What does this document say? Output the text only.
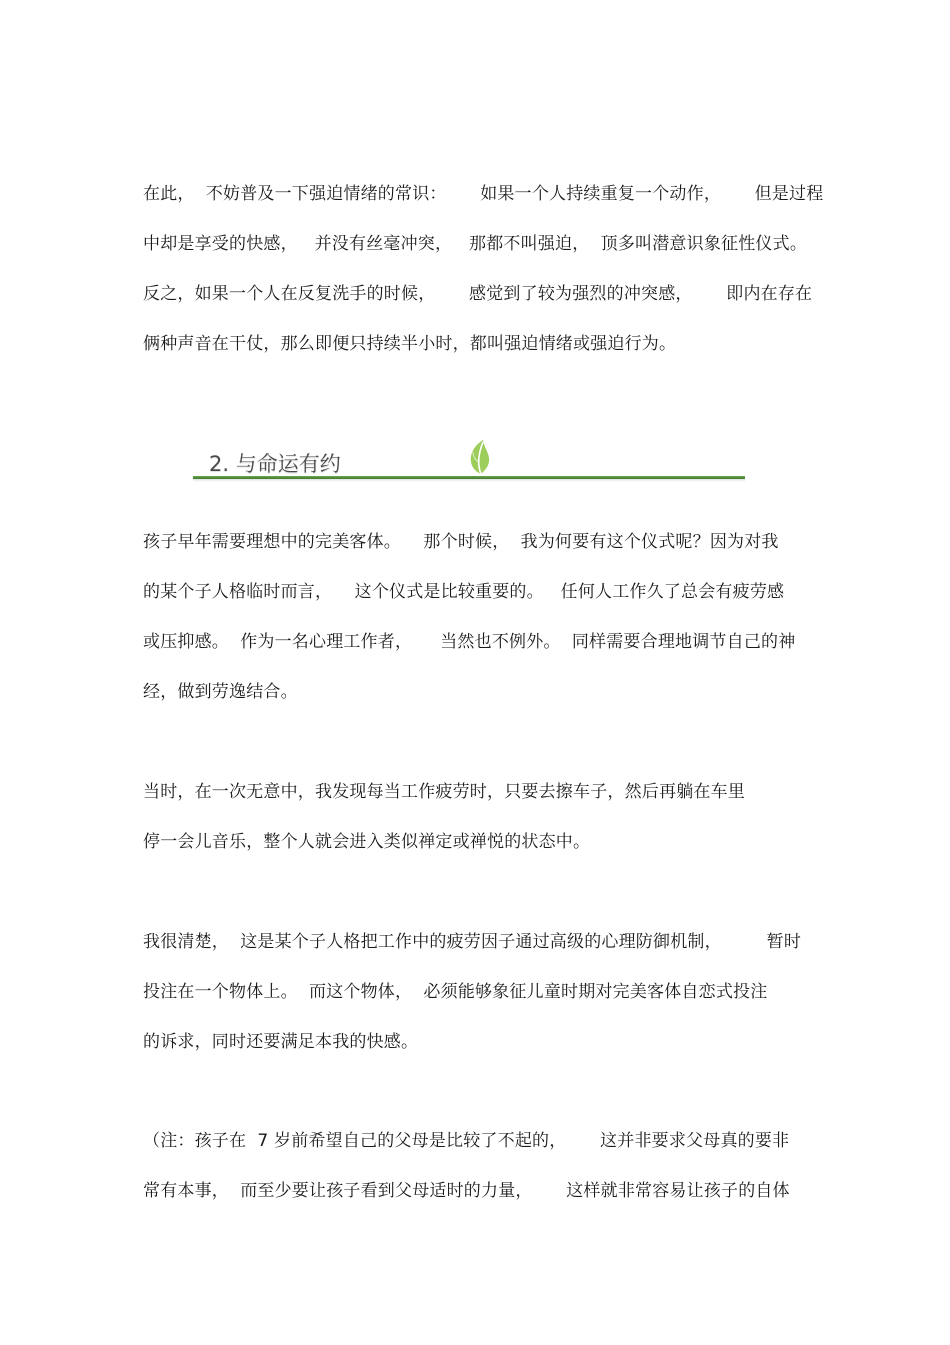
在此，  不妨普及一下强迫情绪的常识：      如果一个人持续重复一个动作，      但是过程
中却是享受的快感，   并没有丝毫冲突，   那都不叫强迫，  顶多叫潜意识象征性仪式。
反之，如果一个人在反复洗手的时候，      感觉到了较为强烈的冲突感，      即内在存在
俩种声音在干仗，那么即便只持续半小时，都叫强迫情绪或强迫行为。
2. 与命运有约
孩子早年需要理想中的完美客体。    那个时候，  我为何要有这个仪式呢？因为对我
的某个子人格临时而言，    这个仪式是比较重要的。   任何人工作久了总会有疲劳感
或压抑感。  作为一名心理工作者，     当然也不例外。  同样需要合理地调节自己的神
经，做到劳逸结合。
当时，在一次无意中，我发现每当工作疲劳时，只要去擦车子，然后再躺在车里
停一会儿音乐，整个人就会进入类似禅定或禅悦的状态中。
我很清楚，  这是某个子人格把工作中的疲劳因子通过高级的心理防御机制，        暂时
投注在一个物体上。  而这个物体，  必须能够象征儿童时期对完美客体自恋式投注
的诉求，同时还要满足本我的快感。
（注：孩子在  7 岁前希望自己的父母是比较了不起的，      这并非要求父母真的要非
常有本事，  而至少要让孩子看到父母适时的力量，      这样就非常容易让孩子的自体
